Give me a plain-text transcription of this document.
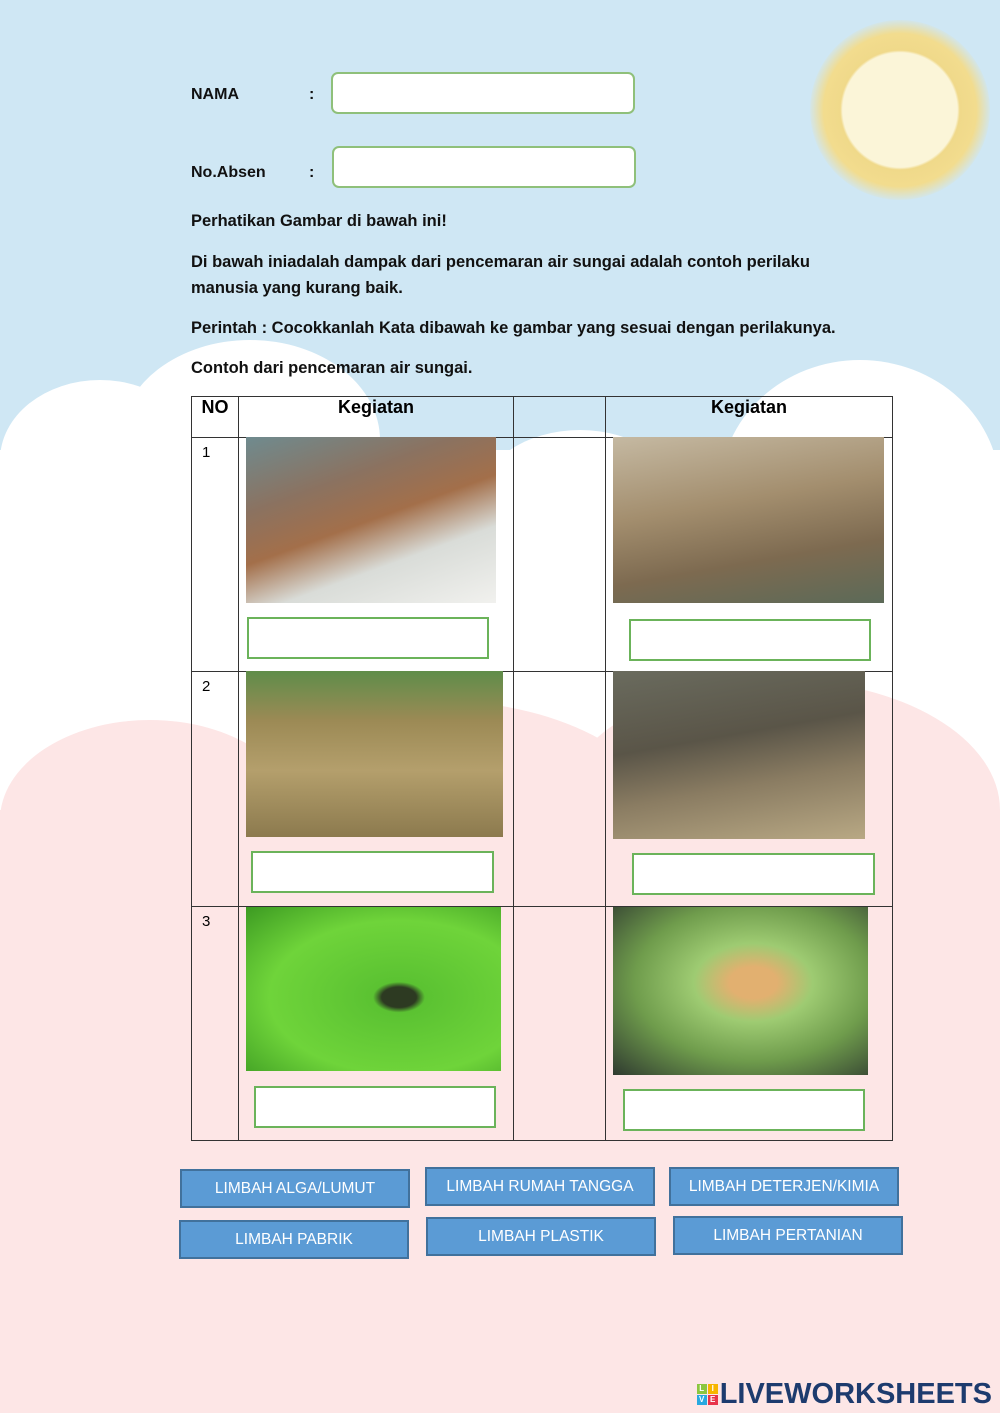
NAMA	:
No.Absen	:
Perhatikan Gambar di bawah ini!
Di bawah iniadalah dampak dari pencemaran air sungai adalah contoh perilaku manusia yang kurang baik.
Perintah : Cocokkanlah Kata dibawah ke gambar yang sesuai dengan perilakunya.
Contoh dari pencemaran air sungai.
NO	Kegiatan		Kegiatan
1			
2			
3			
LIMBAH ALGA/LUMUT	LIMBAH RUMAH TANGGA	LIMBAH DETERJEN/KIMIA
LIMBAH PABRIK	LIMBAH PLASTIK	LIMBAH PERTANIAN
L I
V E LIVEWORKSHEETS
